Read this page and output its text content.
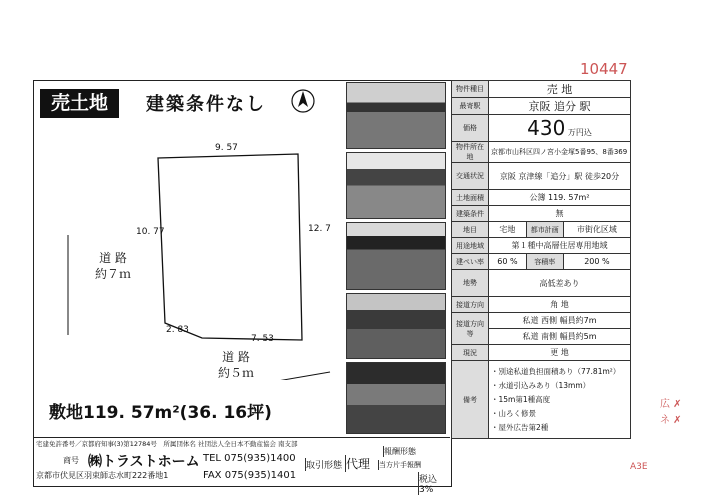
10447
広 ✗
ネ ✗
A3E
売土地	建築条件なし
9. 57
10. 77	12. 7
7. 53
2. 83
道 路
約７ｍ
道 路
約５ｍ
敷地119. 57m²(36. 16坪)
物件種目	売 地		
最寄駅	京阪 追分 駅		
価格	430 万円込		
物件所在地	京都市山科区四ノ宮小金塚5番95、8番369		
交通状況	京阪 京津線「追分」駅 徒歩20分		
土地面積	公簿 119. 57m²		
建築条件	無		
地目	宅地	都市計画	市街化区域
用途地域	第１種中高層住居専用地域		
建ぺい率	60 %	容積率	200 %
地勢	高低差あり		
接道方向	角 地		
接道方向等	私道 西側 幅員約7m		
	私道 南側 幅員約5m		
現況	更 地		
備考	・別途私道負担面積あり（77.81m²）
・水道引込みあり（13mm）
・15m第1種高度
・山ろく修景
・屋外広告第2種		
宅建免許番号／京都府知事(3)第12784号　所属団体名 社団法人全日本不動産協会 南支部
商号 ㈱トラストホーム TEL 075(935)1400
京都市伏見区羽束師志水町222番地1	FAX 075(935)1401
取引形態 代理
報酬形態
当方片手報酬
税込3%
